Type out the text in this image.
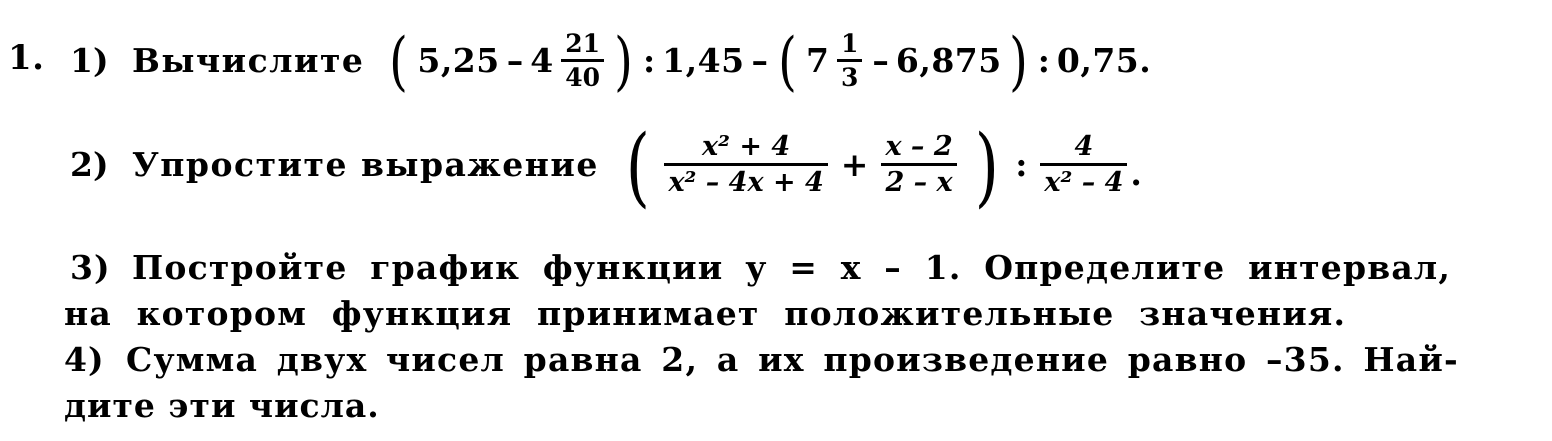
1. 1) Вычислите ( $5,25 - 4 \frac{21}{40}$ ) : 1,45 – ( $7 \frac{1}{3} - 6,875$ ) : 0,75 .
2) Упростите выражение ( $\frac{\text{x² + 4}}{\text{x² – 4x + 4}} + \frac{x - 2}{2 - x}$ ) : $\frac{4}{\text{x² – 4}}$ .
3) Постройте график функции y = x – 1. Определите интервал,
на котором функция принимает положительные значения.
4) Сумма двух чисел равна 2, а их произведение равно –35. Най-
дите эти числа.
